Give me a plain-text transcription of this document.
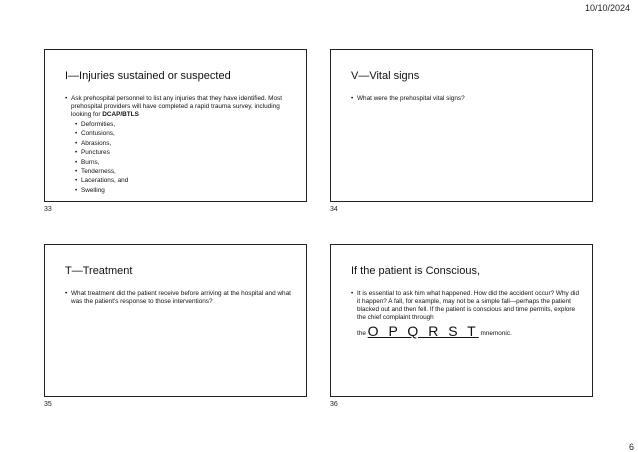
10/10/2024
I—Injuries sustained or suspected
• Ask prehospital personnel to list any injuries that they have identified. Most prehospital providers will have completed a rapid trauma survey, including looking for DCAP/BTLS
• Deformities,
• Contusions,
• Abrasions,
• Punctures
• Burns,
• Tenderness,
• Lacerations, and
• Swelling
33
V—Vital signs
• What were the prehospital vital signs?
34
T—Treatment
• What treatment did the patient receive before arriving at the hospital and what was the patient's response to those interventions?
35
If the patient is Conscious,
• It is essential to ask him what happened. How did the accident occur? Why did it happen? A fall, for example, may not be a simple fall—perhaps the patient blacked out and then fell. If the patient is conscious and time permits, explore the chief complaint through
the O P Q R S T mnemonic.
36
6
